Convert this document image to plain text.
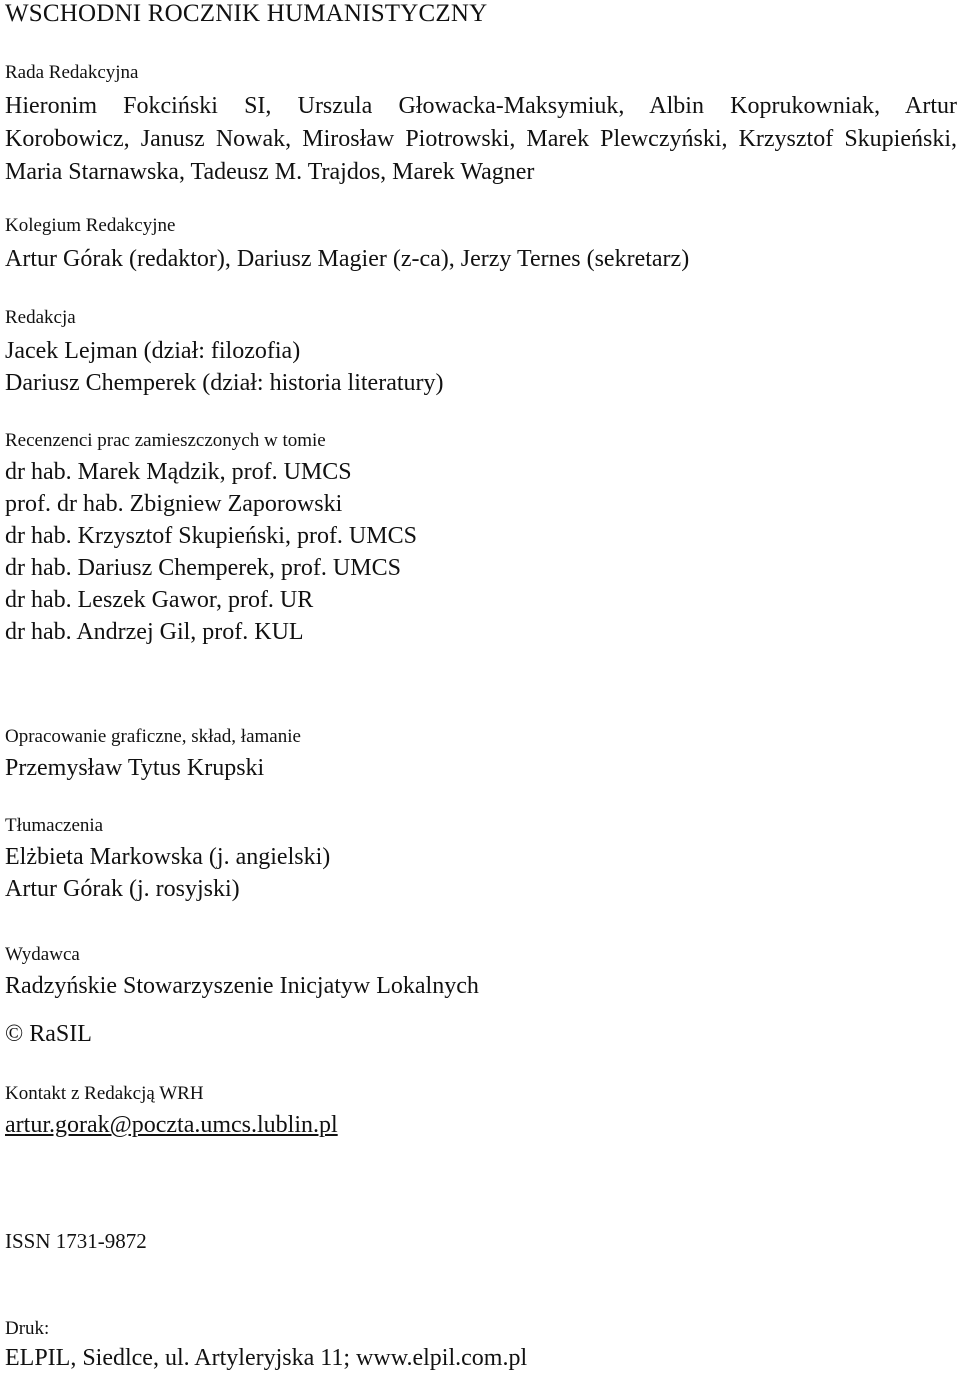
WSCHODNI ROCZNIK HUMANISTYCZNY
Rada Redakcyjna
Hieronim Fokciński SI, Urszula Głowacka-Maksymiuk, Albin Koprukowniak, Artur
Korobowicz, Janusz Nowak, Mirosław Piotrowski, Marek Plewczyński, Krzysztof Skupieński,
Maria Starnawska, Tadeusz M. Trajdos, Marek Wagner
Kolegium Redakcyjne
Artur Górak (redaktor), Dariusz Magier (z-ca), Jerzy Ternes (sekretarz)
Redakcja
Jacek Lejman (dział: filozofia)
Dariusz Chemperek (dział: historia literatury)
Recenzenci prac zamieszczonych w tomie
dr hab. Marek Mądzik, prof. UMCS
prof. dr hab. Zbigniew Zaporowski
dr hab. Krzysztof Skupieński, prof. UMCS
dr hab. Dariusz Chemperek, prof. UMCS
dr hab. Leszek Gawor, prof. UR
dr hab. Andrzej Gil, prof. KUL
Opracowanie graficzne, skład, łamanie
Przemysław Tytus Krupski
Tłumaczenia
Elżbieta Markowska (j. angielski)
Artur Górak (j. rosyjski)
Wydawca
Radzyńskie Stowarzyszenie Inicjatyw Lokalnych
© RaSIL
Kontakt z Redakcją WRH
artur.gorak@poczta.umcs.lublin.pl
ISSN 1731-9872
Druk:
ELPIL, Siedlce, ul. Artyleryjska 11; www.elpil.com.pl
